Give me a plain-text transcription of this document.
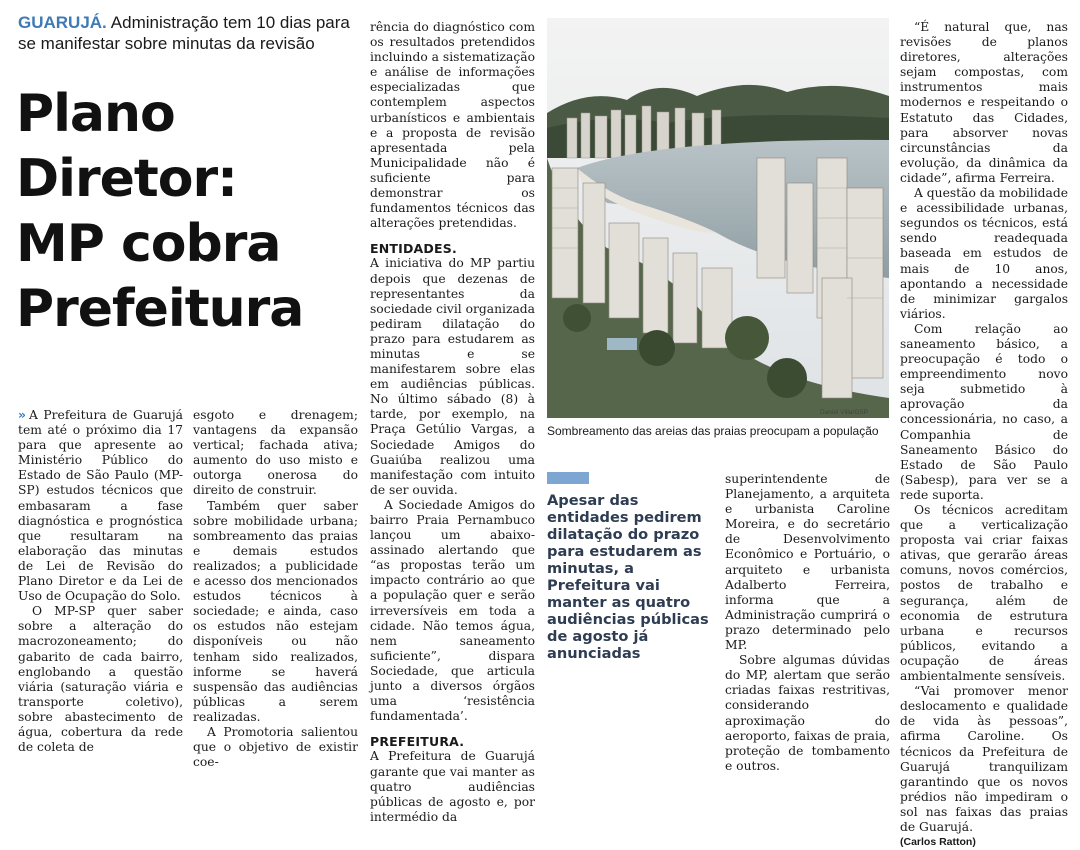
GUARUJÁ. Administração tem 10 dias para se manifestar sobre minutas da revisão
Plano
Diretor:
MP cobra
Prefeitura

» A Prefeitura de Guarujá tem até o próximo dia 17 para que apresente ao Ministério Público do Estado de São Paulo (MP-SP) estudos técnicos que embasaram a fase diagnóstica e prognóstica que resultaram na elaboração das minutas de Lei de Revisão do Plano Diretor e da Lei de Uso de Ocupação do Solo.

O MP-SP quer saber sobre a alteração do macrozoneamento; do gabarito de cada bairro, englobando a questão viária (saturação viária e transporte coletivo), sobre abastecimento de água, cobertura da rede de coleta de

esgoto e drenagem; vantagens da expansão vertical; fachada ativa; aumento do uso misto e outorga onerosa do direito de construir.

Também quer saber sobre mobilidade urbana; sombreamento das praias e demais estudos realizados; a publicidade e acesso dos mencionados estudos técnicos à sociedade; e ainda, caso os estudos não estejam disponíveis ou não tenham sido realizados, informe se haverá suspensão das audiências públicas a serem realizadas.

A Promotoria salientou que o objetivo de existir coe-

rência do diagnóstico com os resultados pretendidos incluindo a sistematização e análise de informações especializadas que contemplem aspectos urbanísticos e ambientais e a proposta de revisão apresentada pela Municipalidade não é suficiente para demonstrar os fundamentos técnicos das alterações pretendidas.

ENTIDADES.

A iniciativa do MP partiu depois que dezenas de representantes da sociedade civil organizada pediram dilatação do prazo para estudarem as minutas e se manifestarem sobre elas em audiências públicas. No último sábado (8) à tarde, por exemplo, na Praça Getúlio Vargas, a Sociedade Amigos do Guaiúba realizou uma manifestação com intuito de ser ouvida.

A Sociedade Amigos do bairro Praia Pernambuco lançou um abaixo-assinado alertando que “as propostas terão um impacto contrário ao que a população quer e serão irreversíveis em toda a cidade. Não temos água, nem saneamento suficiente”, dispara Sociedade, que articula junto a diversos órgãos uma ‘resistência fundamentada’.

PREFEITURA.

A Prefeitura de Guarujá garante que vai manter as quatro audiências públicas de agosto e, por intermédio da

Daniel Villa/GSP
Sombreamento das areias das praias preocupam a população
Apesar das entidades pedirem dilatação do prazo para estudarem as minutas, a Prefeitura vai manter as quatro audiências públicas de agosto já anunciadas

superintendente de Planejamento, a arquiteta e urbanista Caroline Moreira, e do secretário de Desenvolvimento Econômico e Portuário, o arquiteto e urbanista Adalberto Ferreira, informa que a Administração cumprirá o prazo determinado pelo MP.

Sobre algumas dúvidas do MP, alertam que serão criadas faixas restritivas, considerando aproximação do aeroporto, faixas de praia, proteção de tombamento e outros.

“É natural que, nas revisões de planos diretores, alterações sejam compostas, com instrumentos mais modernos e respeitando o Estatuto das Cidades, para absorver novas circunstâncias da evolução, da dinâmica da cidade”, afirma Ferreira.

A questão da mobilidade e acessibilidade urbanas, segundos os técnicos, está sendo readequada baseada em estudos de mais de 10 anos, apontando a necessidade de minimizar gargalos viários.

Com relação ao saneamento básico, a preocupação é todo o empreendimento novo seja submetido à aprovação da concessionária, no caso, a Companhia de Saneamento Básico do Estado de São Paulo (Sabesp), para ver se a rede suporta.

Os técnicos acreditam que a verticalização proposta vai criar faixas ativas, que gerarão áreas comuns, novos comércios, postos de trabalho e segurança, além de economia de estrutura urbana e recursos públicos, evitando a ocupação de áreas ambientalmente sensíveis.

“Vai promover menor deslocamento e qualidade de vida às pessoas”, afirma Caroline. Os técnicos da Prefeitura de Guarujá tranquilizam garantindo que os novos prédios não impediram o sol nas faixas das praias de Guarujá.

(Carlos Ratton)
